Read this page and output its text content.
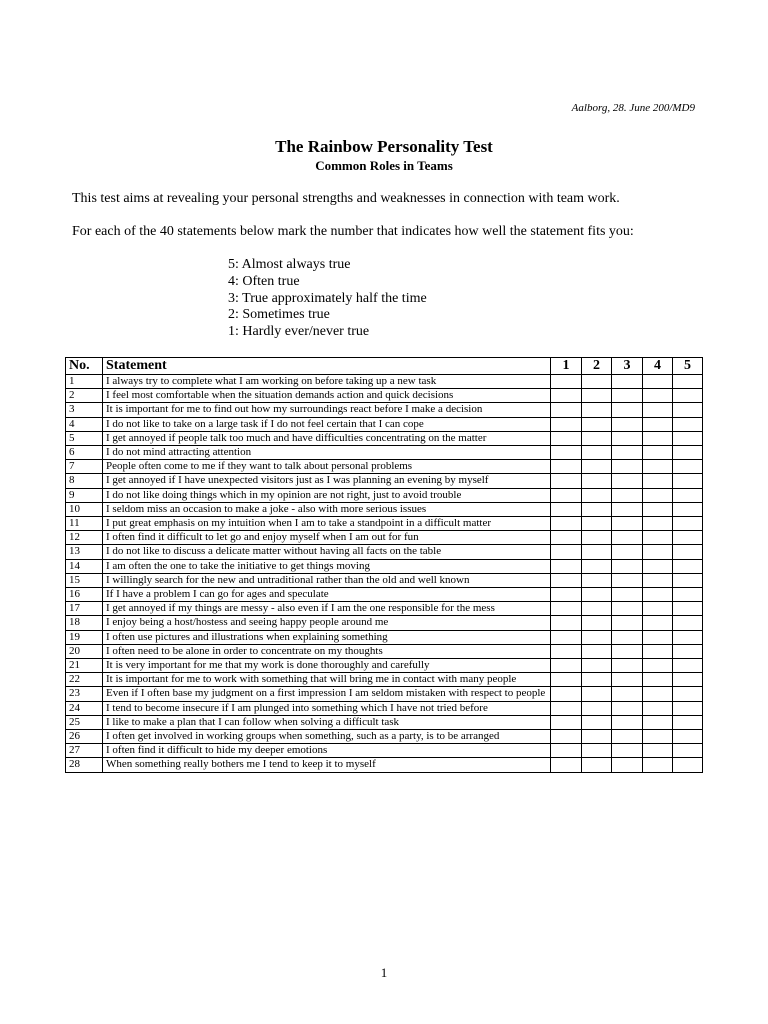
Aalborg, 28. June 200/MD9
The Rainbow Personality Test
Common Roles in Teams
This test aims at revealing your personal strengths and weaknesses in connection with team work.
For each of the 40 statements below mark the number that indicates how well the statement fits you:
5: Almost always true
4: Often true
3: True approximately half the time
2: Sometimes true
1: Hardly ever/never true
No.	Statement	1	2	3	4	5
1	I always try to complete what I am working on before taking up a new task					
2	I feel most comfortable when the situation demands action and quick decisions					
3	It is important for me to find out how my surroundings react before I make a decision					
4	I do not like to take on a large task if I do not feel certain that I can cope					
5	I get annoyed if people talk too much and have difficulties concentrating on the matter					
6	I do not mind attracting attention					
7	People often come to me if they want to talk about personal problems					
8	I get annoyed if I have unexpected visitors just as I was planning an evening by myself					
9	I do not like doing things which in my opinion are not right, just to avoid trouble					
10	I seldom miss an occasion to make a joke - also with more serious issues					
11	I put great emphasis on my intuition when I am to take a standpoint in a difficult matter					
12	I often find it difficult to let go and enjoy myself when I am out for fun					
13	I do not like to discuss a delicate matter without having all facts on the table					
14	I am often the one to take the initiative to get things moving					
15	I willingly search for the new and untraditional rather than the old and well known					
16	If I have a problem I can go for ages and speculate					
17	I get annoyed if my things are messy - also even if I am the one responsible for the mess					
18	I enjoy being a host/hostess and seeing happy people around me					
19	I often use pictures and illustrations when explaining something					
20	I often need to be alone in order to concentrate on my thoughts					
21	It is very important for me that my work is done thoroughly and carefully					
22	It is important for me to work with something that will bring me in contact with many people					
23	Even if I often base my judgment on a first impression I am seldom mistaken with respect to people					
24	I tend to become insecure if I am plunged into something which I have not tried before					
25	I like to make a plan that I can follow when solving a difficult task					
26	I often get involved in working groups when something, such as a party, is to be arranged					
27	I often find it difficult to hide my deeper emotions					
28	When something really bothers me I tend to keep it to myself					
1
